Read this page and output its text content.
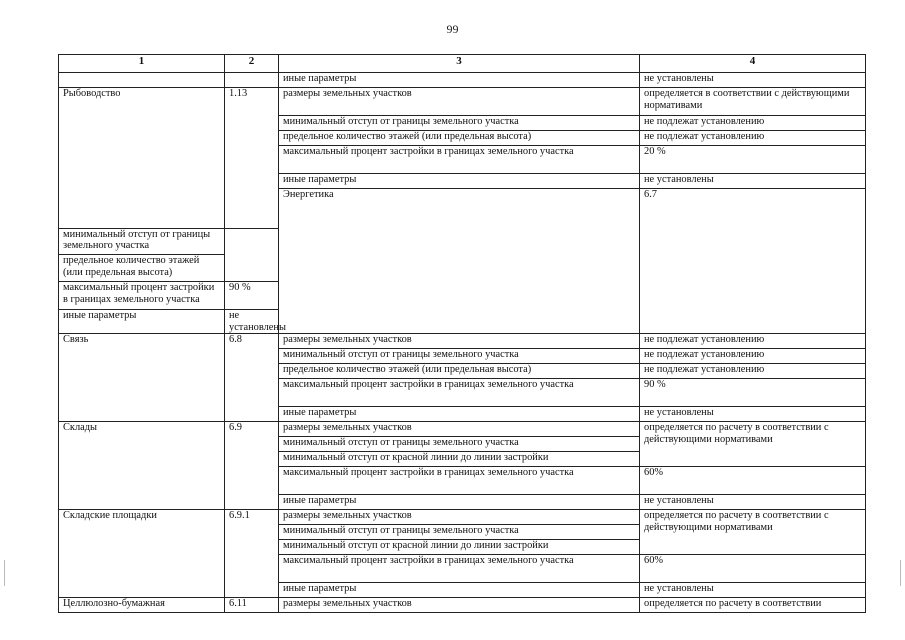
99
1	2	3	4	
		иные параметры	не установлены	
Рыбоводство	1.13	размеры земельных участков	определяется в соответствии с действующими нормативами	
		минимальный отступ от границы земельного участка	не подлежат установлению	
		предельное количество этажей (или предельная высота)	не подлежат установлению	
		максимальный процент застройки в границах земельного участка	20 %	
		иные параметры	не установлены	
		Энергетика	6.7		
минимальный отступ от границы земельного участка				
предельное количество этажей (или предельная высота)				
максимальный процент застройки в границах земельного участка	90 %			
иные параметры	не установлены			
Связь	6.8	размеры земельных участков	не подлежат установлению	
		минимальный отступ от границы земельного участка	не подлежат установлению	
		предельное количество этажей (или предельная высота)	не подлежат установлению	
		максимальный процент застройки в границах земельного участка	90 %	
		иные параметры	не установлены	
Склады	6.9	размеры земельных участков	определяется по расчету в соответствии с действующими нормативами	
		минимальный отступ от границы земельного участка		
		минимальный отступ от красной линии до линии застройки		
		максимальный процент застройки в границах земельного участка	60%	
		иные параметры	не установлены	
Складские площадки	6.9.1	размеры земельных участков	определяется по расчету в соответствии с действующими нормативами	
		минимальный отступ от границы земельного участка		
		минимальный отступ от красной линии до линии застройки		
		максимальный процент застройки в границах земельного участка	60%	
		иные параметры	не установлены	
Целлюлозно-бумажная	6.11	размеры земельных участков	определяется по расчету в соответствии	
